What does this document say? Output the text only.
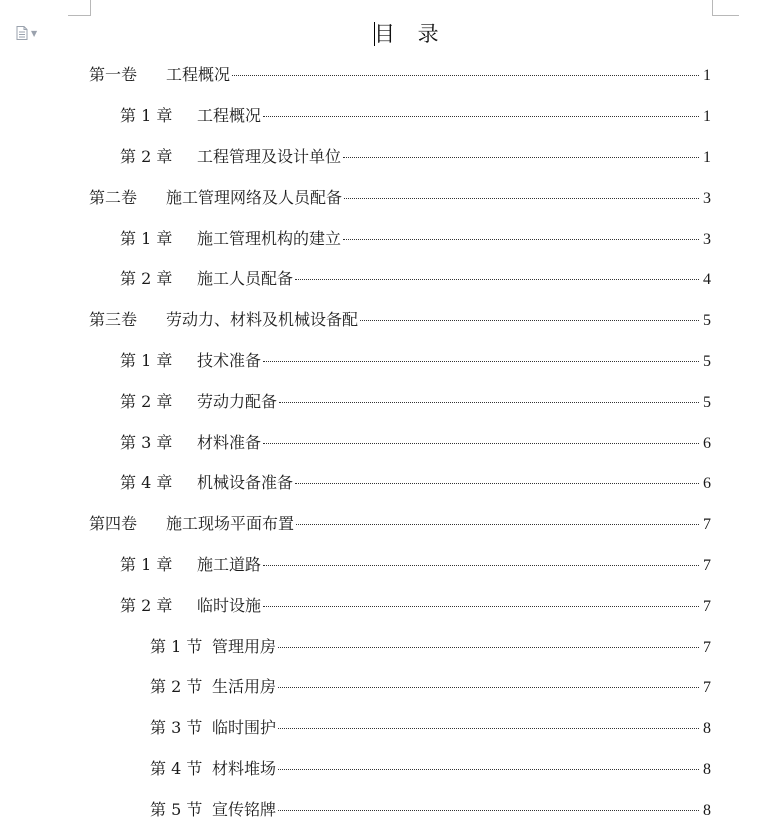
▼	目 录
第一卷	工程概况	1
第 1 章	工程概况	1
第 2 章	工程管理及设计单位	1
第二卷	施工管理网络及人员配备	3
第 1 章	施工管理机构的建立	3
第 2 章	施工人员配备	4
第三卷	劳动力、材料及机械设备配	5
第 1 章	技术准备	5
第 2 章	劳动力配备	5
第 3 章	材料准备	6
第 4 章	机械设备准备	6
第四卷	施工现场平面布置	7
第 1 章	施工道路	7
第 2 章	临时设施	7
第 1 节 管理用房	7
第 2 节 生活用房	7
第 3 节 临时围护	8
第 4 节 材料堆场	8
第 5 节 宣传铭牌	8
